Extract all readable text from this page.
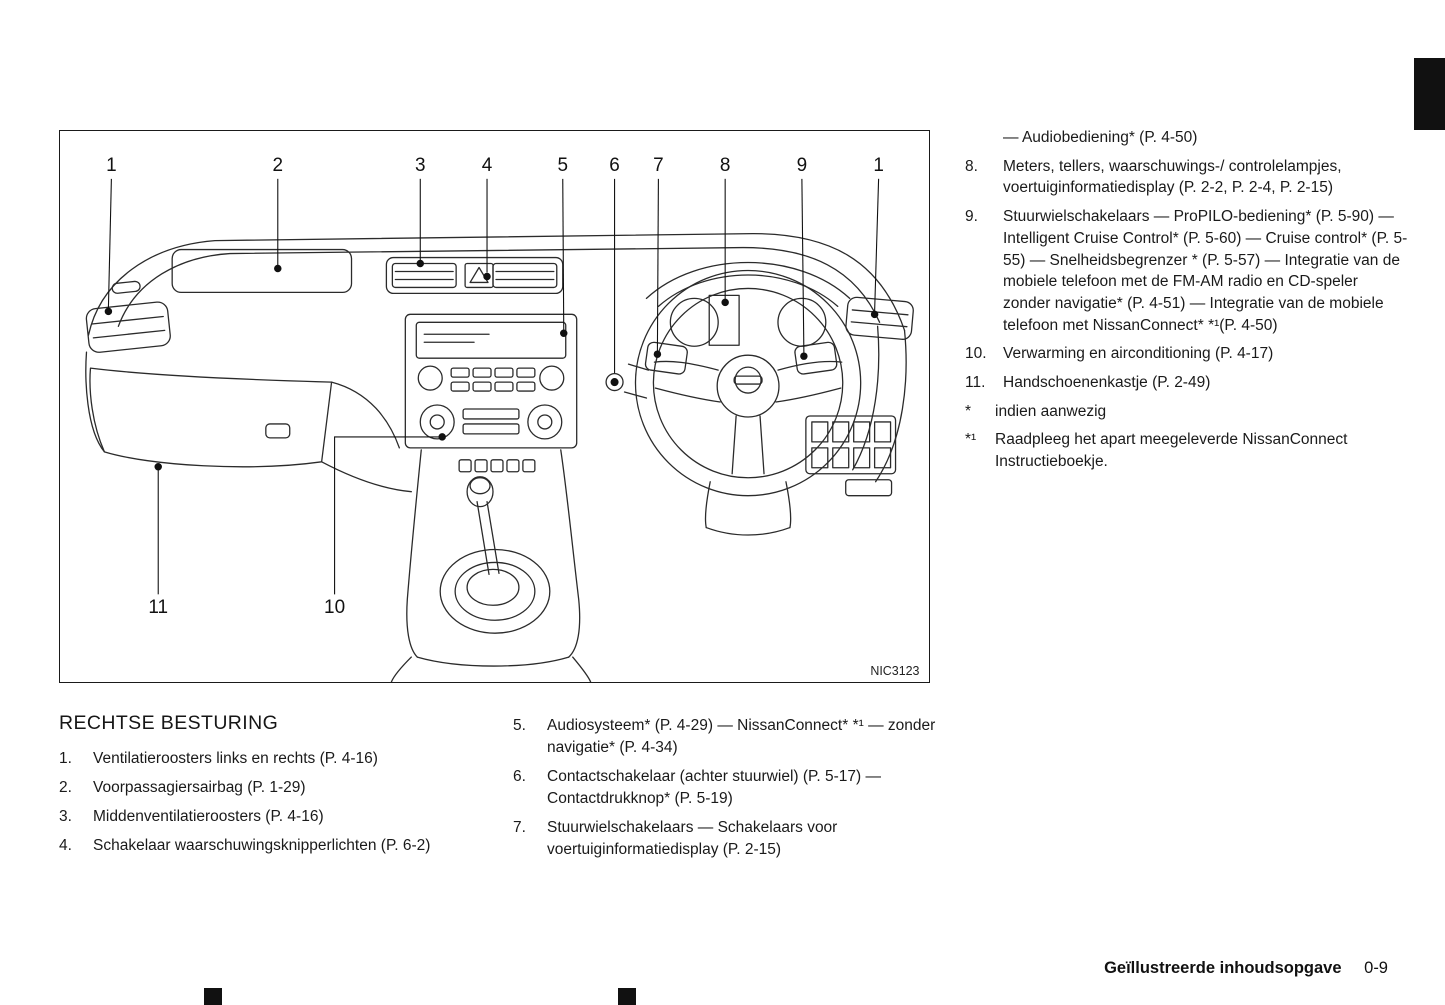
1	2	3	4	5 6 7	8	9	1
11	10
NIC3123
— Audiobediening* (P. 4-50)
8.	Meters, tellers, waarschuwings-/ controlelampjes, voertuiginformatiedisplay (P. 2-2, P. 2-4, P. 2-15)
9.	Stuurwielschakelaars — ProPILO-bediening* (P. 5-90) — Intelligent Cruise Control* (P. 5-60) — Cruise control* (P. 5-55) — Snelheidsbegrenzer * (P. 5-57) — Integratie van de mobiele telefoon met de FM-AM radio en CD-speler zonder navigatie* (P. 4-51) — Integratie van de mobiele telefoon met NissanConnect* *¹(P. 4-50)
10.	Verwarming en airconditioning (P. 4-17)
11.	Handschoenenkastje (P. 2-49)
*	indien aanwezig
*¹	Raadpleeg het apart meegeleverde NissanConnect Instructieboekje.
RECHTSE BESTURING
1.	Ventilatieroosters links en rechts (P. 4-16)
2.	Voorpassagiersairbag (P. 1-29)
3.	Middenventilatieroosters (P. 4-16)
4.	Schakelaar waarschuwingsknipperlichten (P. 6-2)
5.	Audiosysteem* (P. 4-29) — NissanConnect* *¹ — zonder navigatie* (P. 4-34)
6.	Contactschakelaar (achter stuurwiel) (P. 5-17) — Contactdrukknop* (P. 5-19)
7.	Stuurwielschakelaars — Schakelaars voor voertuiginformatiedisplay (P. 2-15)
Geïllustreerde inhoudsopgave 0-9
